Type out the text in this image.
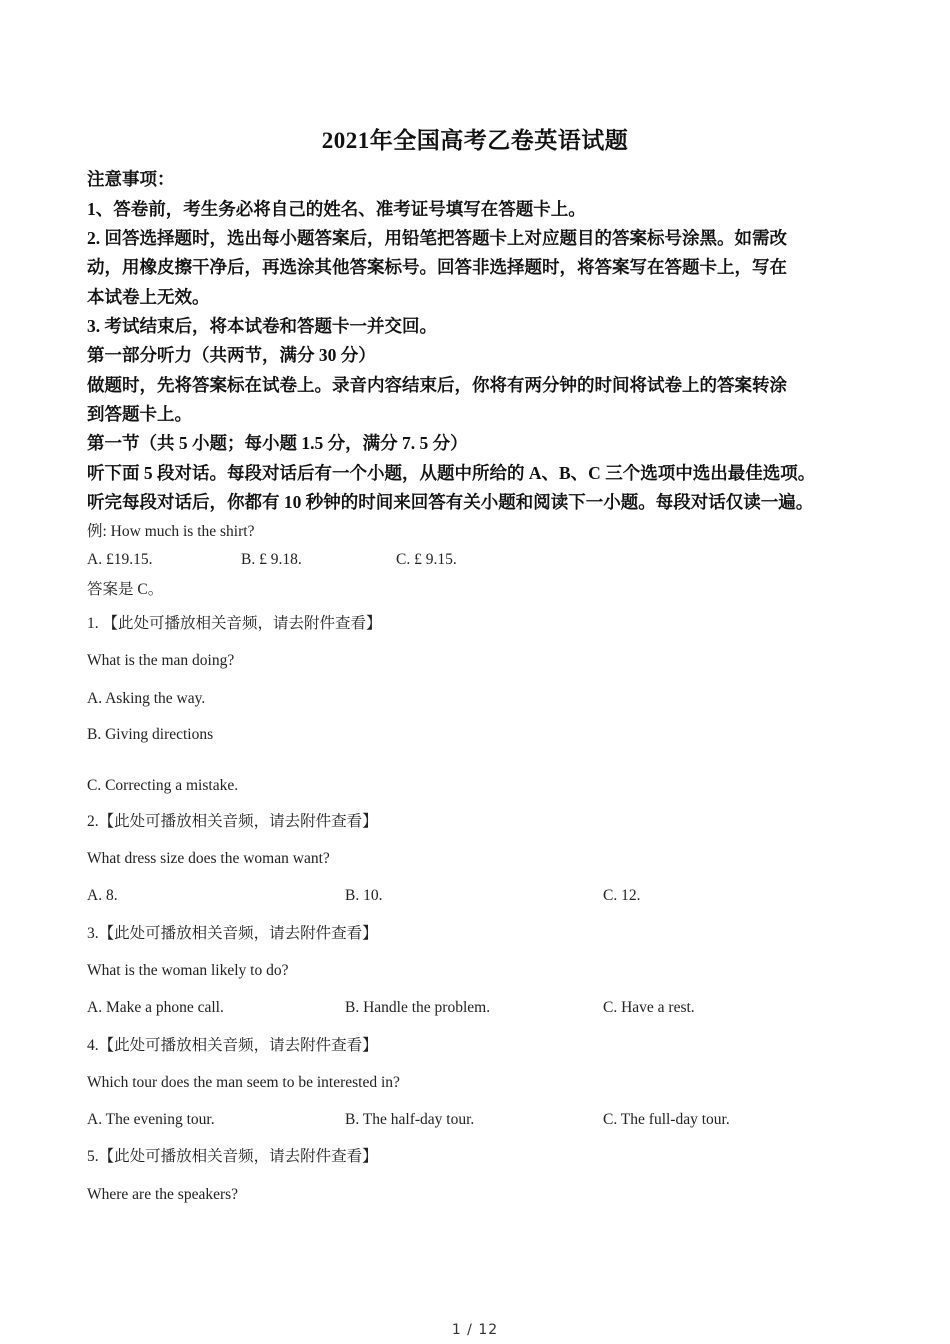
2021年全国高考乙卷英语试题
注意事项：
1、答卷前，考生务必将自己的姓名、准考证号填写在答题卡上。
2. 回答选择题时，选出每小题答案后，用铅笔把答题卡上对应题目的答案标号涂黑。如需改
动，用橡皮擦干净后，再选涂其他答案标号。回答非选择题时，将答案写在答题卡上，写在
本试卷上无效。
3. 考试结束后，将本试卷和答题卡一并交回。
第一部分听力（共两节，满分 30 分）
做题时，先将答案标在试卷上。录音内容结束后，你将有两分钟的时间将试卷上的答案转涂
到答题卡上。
第一节（共 5 小题；每小题 1.5 分，满分 7. 5 分）
听下面 5 段对话。每段对话后有一个小题，从题中所给的 A、B、C 三个选项中选出最佳选项。
听完每段对话后，你都有 10 秒钟的时间来回答有关小题和阅读下一小题。每段对话仅读一遍。
例: How much is the shirt?
A. £19.15.	B. £ 9.18.	C. £ 9.15.
答案是 C。
1. 【此处可播放相关音频，请去附件查看】
What is the man doing?
A. Asking the way.
B. Giving directions
C. Correcting a mistake.
2.【此处可播放相关音频，请去附件查看】
What dress size does the woman want?
A. 8.	B. 10.	C. 12.
3.【此处可播放相关音频，请去附件查看】
What is the woman likely to do?
A. Make a phone call.	B. Handle the problem.	C. Have a rest.
4.【此处可播放相关音频，请去附件查看】
Which tour does the man seem to be interested in?
A. The evening tour.	B. The half-day tour.	C. The full-day tour.
5.【此处可播放相关音频，请去附件查看】
Where are the speakers?
1 / 12
